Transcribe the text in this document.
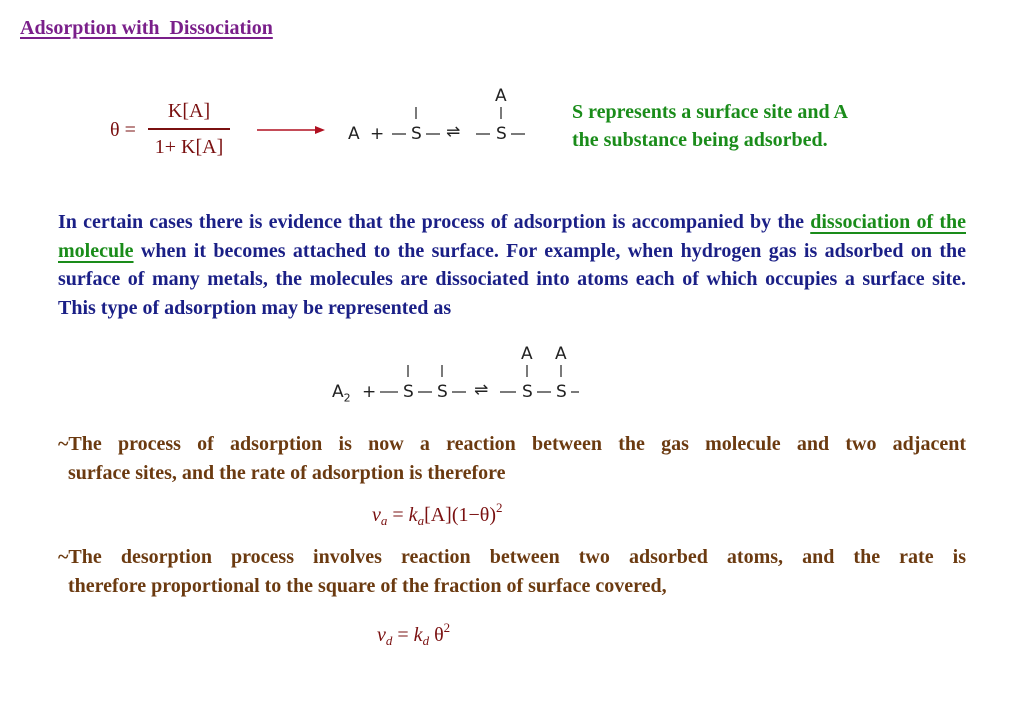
Adsorption with  Dissociation
θ =
K[A]
1+ K[A]
A + S ⇌ S
A
S represents a surface site and A
the substance being adsorbed.
In certain cases there is evidence that the process of adsorption is accompanied by the dissociation of the molecule when it becomes attached to the surface. For example, when hydrogen gas is adsorbed on the surface of many metals, the molecules are dissociated into atoms each of which occupies a surface site. This type of adsorption may be represented as
$A_2 + S$ S ⇌ S S
A A
~The process of adsorption is now a reaction between the gas molecule and two adjacent
surface sites, and the rate of adsorption is therefore
$v_a = k_a[A](1-\theta)^2$
~The desorption process involves reaction between two adsorbed atoms, and the rate is
therefore proportional to the square of the fraction of surface covered,
$v_d = k_d$ $\theta^2$
